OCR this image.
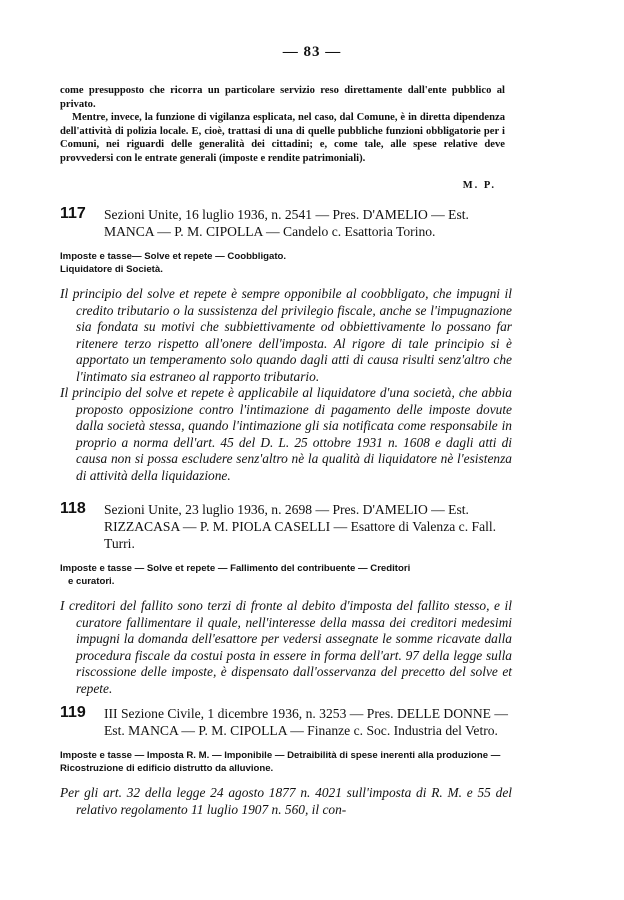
— 83 —

come presupposto che ricorra un particolare servizio reso direttamente dall'ente pubblico al privato.

Mentre, invece, la funzione di vigilanza esplicata, nel caso, dal Comune, è in diretta dipendenza dell'attività di polizia locale. E, cioè, trattasi di una di quelle pubbliche funzioni obbligatorie per i Comuni, nei riguardi delle generalità dei cittadini; e, come tale, alle spese relative deve provvedersi con le entrate generali (imposte e rendite patrimoniali).

M. P.
117 Sezioni Unite, 16 luglio 1936, n. 2541 — Pres. D'AMELIO — Est. MANCA — P. M. CIPOLLA — Candelo c. Esattoria Torino.
Imposte e tasse— Solve et repete — Coobbligato.
Liquidatore di Società.

Il principio del solve et repete è sempre opponibile al coobbligato, che impugni il credito tributario o la sussistenza del privilegio fiscale, anche se l'impugnazione sia fondata su motivi che subbiettivamente od obbiettivamente lo possano far ritenere terzo rispetto all'onere dell'imposta. Al rigore di tale principio si è apportato un temperamento solo quando dagli atti di causa risulti senz'altro che l'intimato sia estraneo al rapporto tributario.

Il principio del solve et repete è applicabile al liquidatore d'una società, che abbia proposto opposizione contro l'intimazione di pagamento delle imposte dovute dalla società stessa, quando l'intimazione gli sia notificata come responsabile in proprio a norma dell'art. 45 del D. L. 25 ottobre 1931 n. 1608 e dagli atti di causa non si possa escludere senz'altro nè la qualità di liquidatore nè l'esistenza di attività della liquidazione.

118 Sezioni Unite, 23 luglio 1936, n. 2698 — Pres. D'AMELIO — Est. RIZZACASA — P. M. PIOLA CASELLI — Esattore di Valenza c. Fall. Turri.
Imposte e tasse — Solve et repete — Fallimento del contribuente — Creditori
e curatori.

I creditori del fallito sono terzi di fronte al debito d'imposta del fallito stesso, e il curatore fallimentare il quale, nell'interesse della massa dei creditori medesimi impugni la domanda dell'esattore per vedersi assegnate le somme ricavate dalla procedura fiscale da costui posta in essere in forma dell'art. 97 della legge sulla riscossione delle imposte, è dispensato dall'osservanza del precetto del solve et repete.

119 III Sezione Civile, 1 dicembre 1936, n. 3253 — Pres. DELLE DONNE — Est. MANCA — P. M. CIPOLLA — Finanze c. Soc. Industria del Vetro.
Imposte e tasse — Imposta R. M. — Imponibile — Detraibilità di spese inerenti alla produzione — Ricostruzione di edificio distrutto da alluvione.

Per gli art. 32 della legge 24 agosto 1877 n. 4021 sull'imposta di R. M. e 55 del relativo regolamento 11 luglio 1907 n. 560, il con-
